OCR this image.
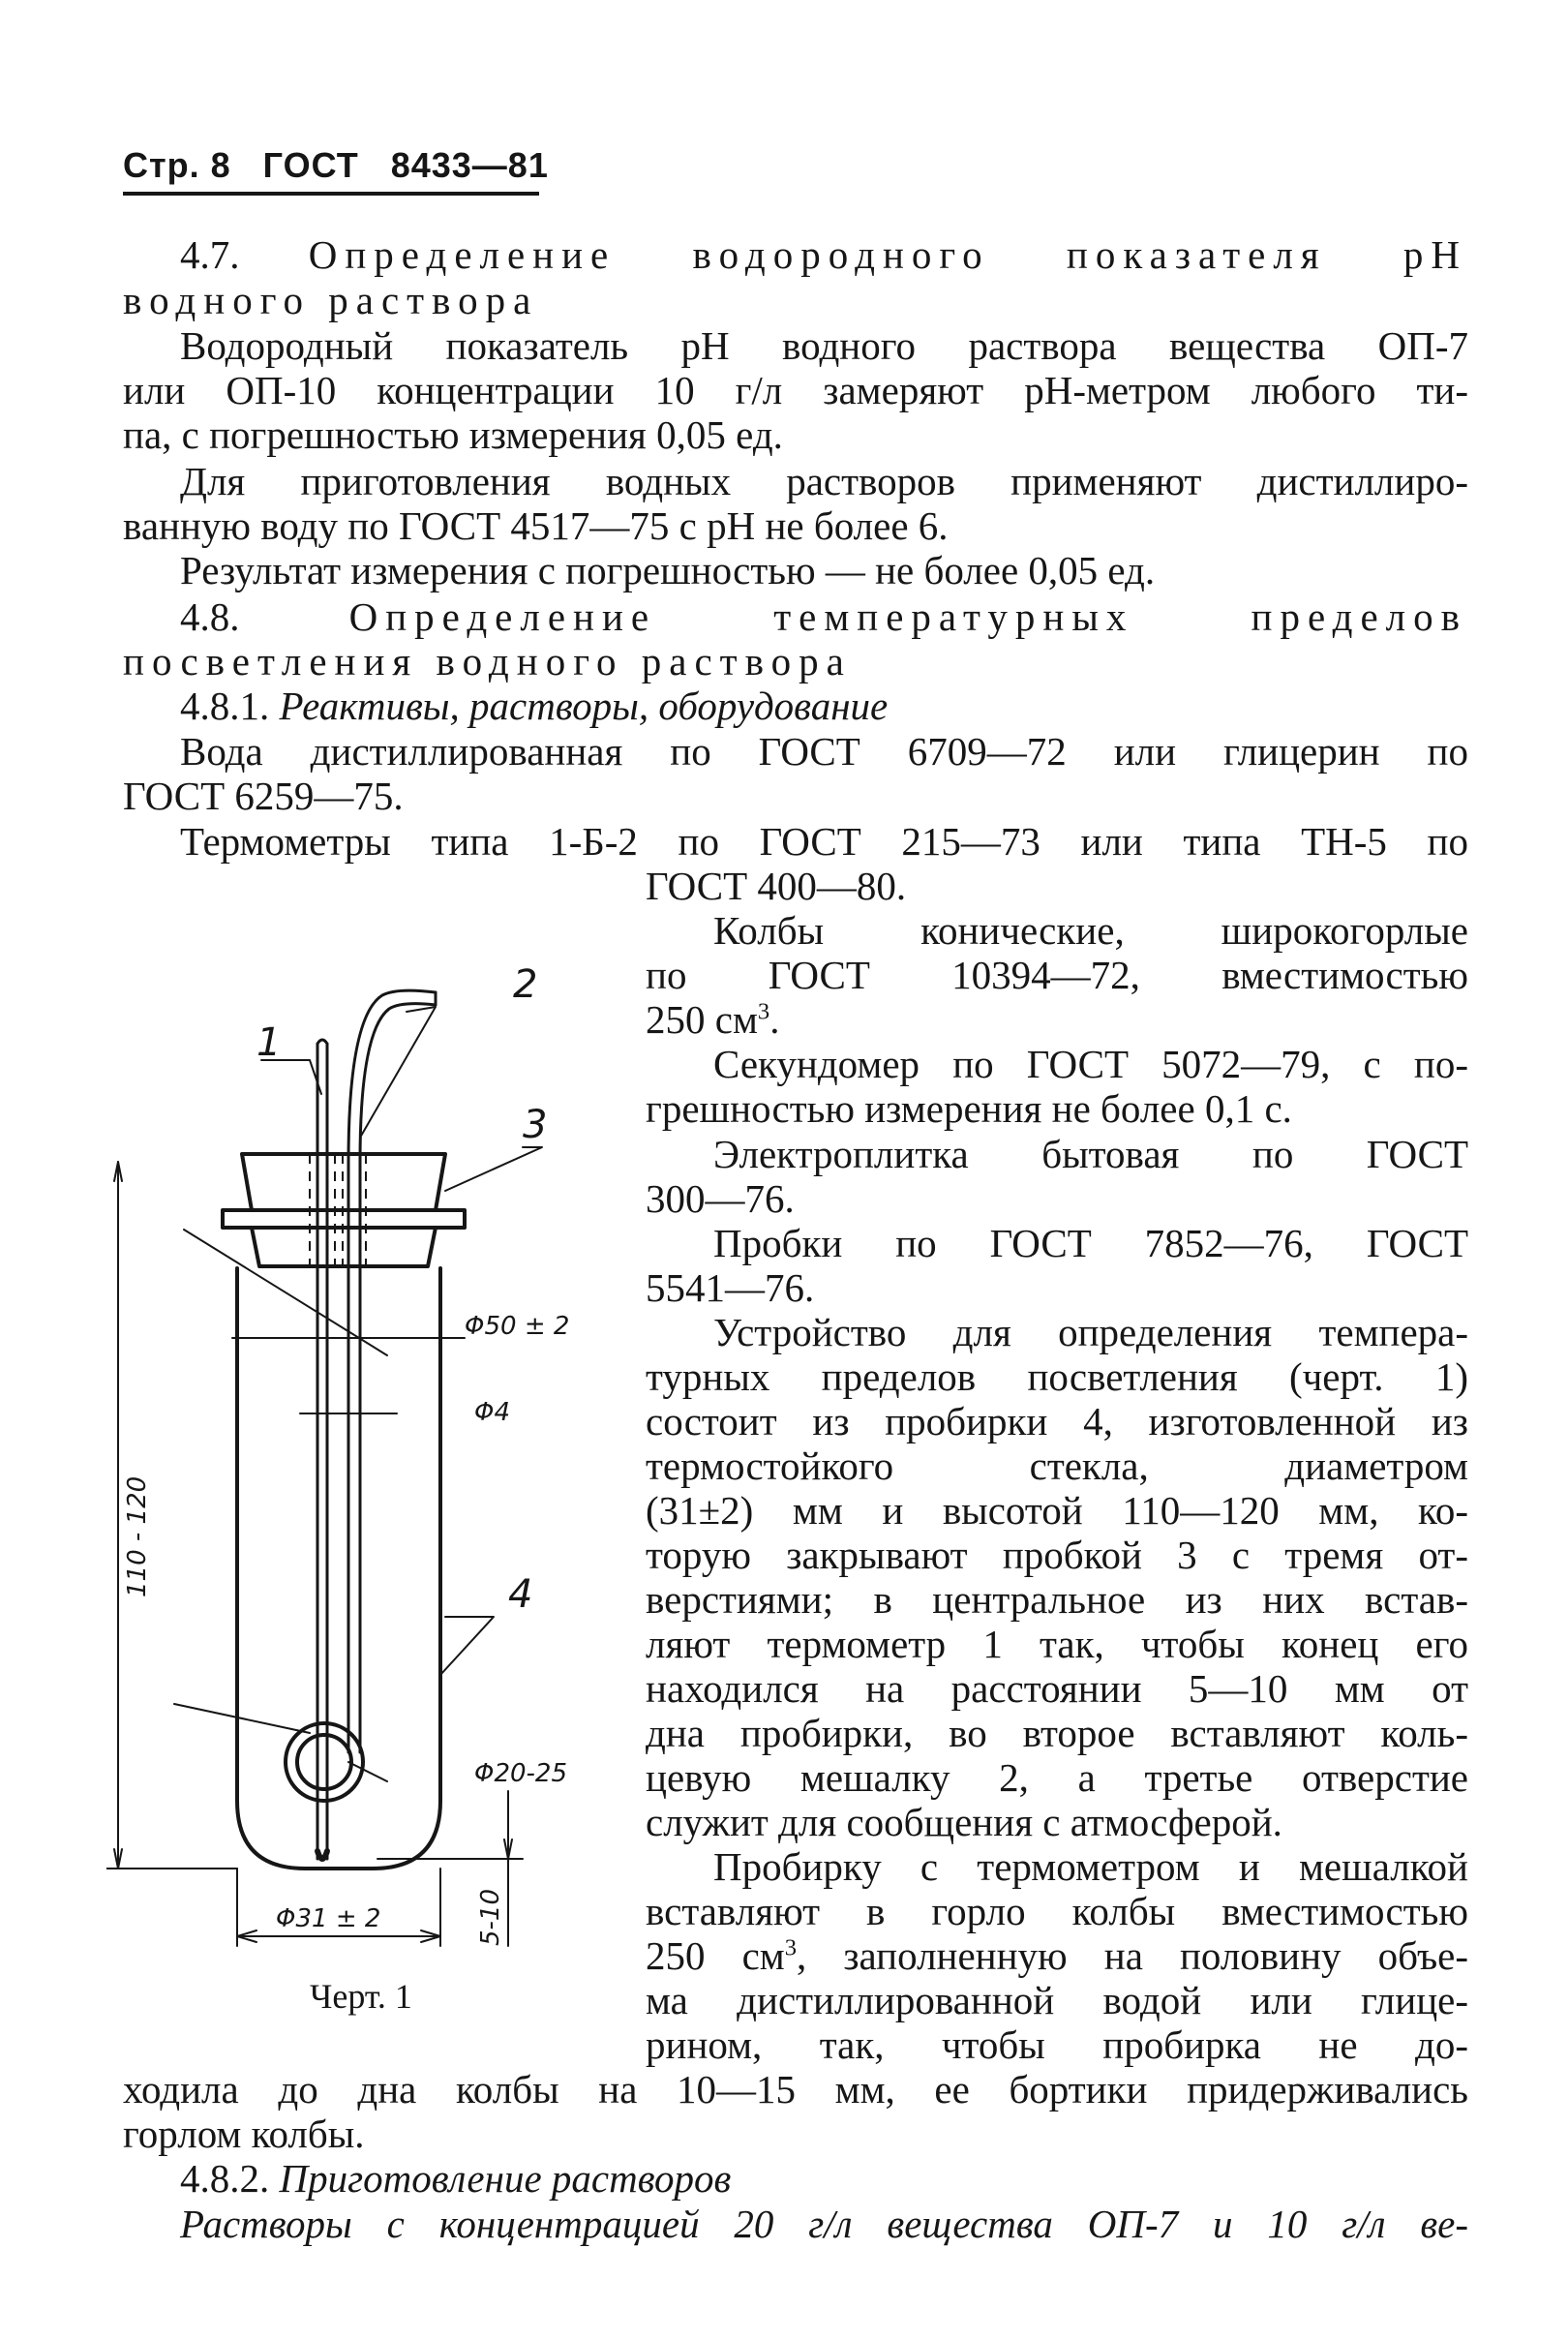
Стр. 8 ГОСТ 8433—81
4.7. Определение водородного показателя pH
водного раствора
Водородный показатель pH водного раствора вещества ОП-7
или ОП-10 концентрации 10 г/л замеряют pH-метром любого ти-
па, с погрешностью измерения 0,05 ед.
Для приготовления водных растворов применяют дистиллиро-
ванную воду по ГОСТ 4517—75 с pH не более 6.
Результат измерения с погрешностью — не более 0,05 ед.
4.8.	Определение температурных пределов
посветления водного раствора
4.8.1. Реактивы, растворы, оборудование
Вода дистиллированная по ГОСТ 6709—72 или глицерин по
ГОСТ 6259—75.
Термометры типа 1-Б-2 по ГОСТ 215—73 или типа ТН-5 по
ГОСТ 400—80.
Колбы конические, широкогорлые
по ГОСТ 10394—72, вместимостью
250 $см^3$.
Секундомер по ГОСТ 5072—79, с по-
грешностью измерения не более 0,1 с.
Электроплитка бытовая по ГОСТ
300—76.
Пробки по ГОСТ 7852—76, ГОСТ
5541—76.
Устройство для определения темпера-
турных пределов посветления (черт. 1)
состоит из пробирки 4, изготовленной из
термостойкого стекла, диаметром
(31±2) мм и высотой 110—120 мм, ко-
торую закрывают пробкой 3 с тремя от-
верстиями; в центральное из них встав-
ляют термометр 1 так, чтобы конец его
находился на расстоянии 5—10 мм от
дна пробирки, во второе вставляют коль-
цевую мешалку 2, а третье отверстие
служит для сообщения с атмосферой.
Пробирку с термометром и мешалкой
вставляют в горло колбы вместимостью
250 $см^3$, заполненную на половину объе-
ма дистиллированной водой или глице-
рином, так, чтобы пробирка не до-
ходила до дна колбы на 10—15 мм, ее бортики придерживались
горлом колбы.
4.8.2. Приготовление растворов
Растворы с концентрацией 20 г/л вещества ОП-7 и 10 г/л ве-
1
2
3
4
Φ50 ± 2
Φ4
Φ20-25
Φ31 ± 2
110 - 120
5-10
Черт. 1
